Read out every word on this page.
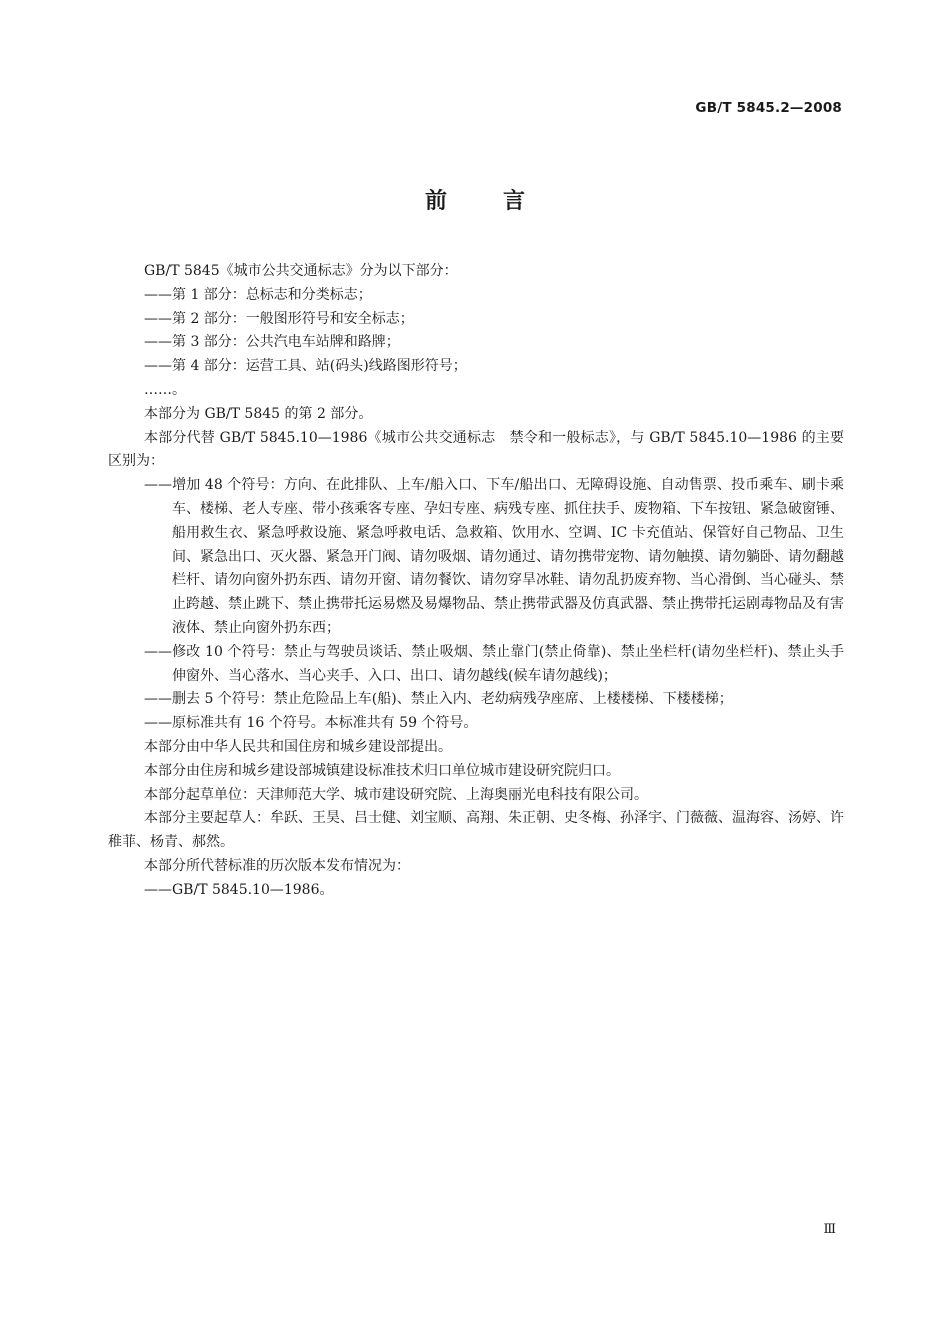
GB/T 5845.2—2008
前言

GB/T 5845《城市公共交通标志》分为以下部分：

——第 1 部分：总标志和分类标志；

——第 2 部分：一般图形符号和安全标志；

——第 3 部分：公共汽电车站牌和路牌；

——第 4 部分：运营工具、站(码头)线路图形符号；

……。

本部分为 GB/T 5845 的第 2 部分。

本部分代替 GB/T 5845.10—1986《城市公共交通标志　禁令和一般标志》，与 GB/T 5845.10—1986 的主要区别为：

——增加 48 个符号：方向、在此排队、上车/船入口、下车/船出口、无障碍设施、自动售票、投币乘车、刷卡乘车、楼梯、老人专座、带小孩乘客专座、孕妇专座、病残专座、抓住扶手、废物箱、下车按钮、紧急破窗锤、船用救生衣、紧急呼救设施、紧急呼救电话、急救箱、饮用水、空调、IC 卡充值站、保管好自己物品、卫生间、紧急出口、灭火器、紧急开门阀、请勿吸烟、请勿通过、请勿携带宠物、请勿触摸、请勿躺卧、请勿翻越栏杆、请勿向窗外扔东西、请勿开窗、请勿餐饮、请勿穿旱冰鞋、请勿乱扔废弃物、当心滑倒、当心碰头、禁止跨越、禁止跳下、禁止携带托运易燃及易爆物品、禁止携带武器及仿真武器、禁止携带托运剧毒物品及有害液体、禁止向窗外扔东西；

——修改 10 个符号：禁止与驾驶员谈话、禁止吸烟、禁止靠门(禁止倚靠)、禁止坐栏杆(请勿坐栏杆)、禁止头手伸窗外、当心落水、当心夹手、入口、出口、请勿越线(候车请勿越线)；

——删去 5 个符号：禁止危险品上车(船)、禁止入内、老幼病残孕座席、上楼楼梯、下楼楼梯；

——原标准共有 16 个符号。本标准共有 59 个符号。

本部分由中华人民共和国住房和城乡建设部提出。

本部分由住房和城乡建设部城镇建设标准技术归口单位城市建设研究院归口。

本部分起草单位：天津师范大学、城市建设研究院、上海奥丽光电科技有限公司。

本部分主要起草人：牟跃、王昊、吕士健、刘宝顺、高翔、朱正朝、史冬梅、孙泽宇、门薇薇、温海容、汤婷、许稚菲、杨青、郝然。

本部分所代替标准的历次版本发布情况为：

——GB/T 5845.10—1986。

Ⅲ
